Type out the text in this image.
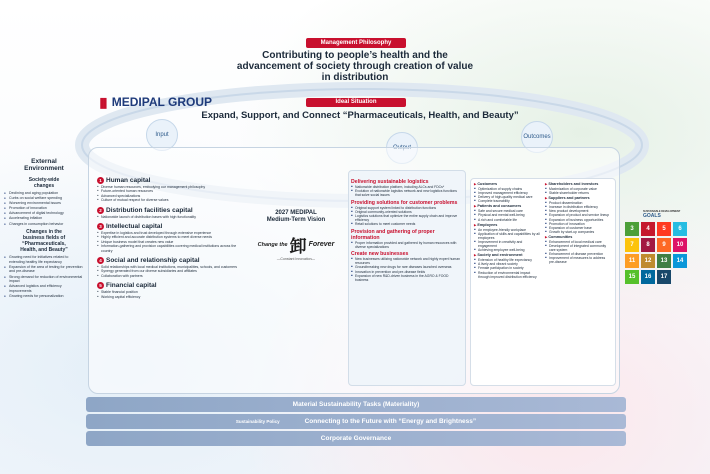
Management Philosophy
Contributing to people’s health and the
advancement of society through creation of value
in distribution
▐▌ MEDIPAL GROUP	Ideal Situation
Expand, Support, and Connect “Pharmaceuticals, Health, and Beauty”
Input	Outcomes
External
Environment
Society-wide
changes
● Declining and aging population
● Curbs on social welfare spending
● Worsening environmental issues
● Promotion of innovation
● Advancement of digital technology
● Accelerating inflation
● Changes in consumption behavior
Changes in the
business fields of
“Pharmaceuticals,
Health, and Beauty”
● Growing need for initiatives related to extending healthy life expectancy
● Expansion of the area of testing for prevention and pre-disease
● Strong demand for reduction of environmental impact
● Advanced logistics and efficiency improvements
● Growing needs for personalization
1 Human capital
● Diverse human resources, embodying our management philosophy
● Future-oriented human resources
● Advanced specializations
● Culture of mutual respect for diverse values
2 Distribution facilities capital
● Nationwide launch of distribution bases with high functionality
3 Intellectual capital
● Expertise in logistics and trust developed through extensive experience
● Highly efficient and accurate distribution systems to meet diverse needs
● Unique business model that creates new value
● Information-gathering and provision capabilities covering medical institutions across the country
4 Social and relationship capital
● Solid relationships with local medical institutions, municipalities, schools, and customers
● Synergy generated from our diverse subsidiaries and affiliates
● Collaboration with partners
5 Financial capital
● Stable financial position
● Working capital efficiency
2027 MEDIPAL
Medium-Term Vision
Change the 卸 Forever
—Constant Innovation—
Delivering sustainable logistics
■ Nationwide distribution platform, including ALCs and FDCs*
■ Evolution of nationwide logistics network and new logistics functions that solve social issues
Providing solutions for customer problems
■ Original support system linked to distribution functions
■ Original community-oriented solutions
■ Logistics solutions that optimize the entire supply chain and improve efficiency
■ Retail solutions to meet customer needs
Provision and gathering of proper information
■ Proper information provided and gathered by human resources with diverse specializations
Create new businesses
■ New businesses utilizing nationwide network and highly expert human resources
■ Groundbreaking new drugs for rare diseases launched overseas
■ Innovation in prevention and pre-disease fields
■ Expansion of new R&D-driven business in the AGRO & FOOD business
▶ Customers
■ Optimization of supply chains
■ Improved management efficiency
■ Delivery of high-quality medical care
■ Complete traceability
▶ Patients and consumers
■ Safe and secure medical care
■ Physical and mental well-being
■ A rich and comfortable life
▶ Employees
■ An employee-friendly workplace
■ Application of skills and capabilities by all employees
■ Improvement in creativity and engagement
■ Achieving employee well-being
▶ Society and environment
■ Extension of healthy life expectancy
■ A lively and vibrant society
■ Female participation in society
■ Reduction of environmental impact through improved distribution efficiency
▶ Shareholders and investors
■ Maximization of corporate value
■ Stable shareholder returns
▶ Suppliers and partners
■ Product dissemination
■ Increase in distribution efficiency
■ New product development
■ Expansion of product and service lineup
■ Expansion of business opportunities
■ Promotion of innovation
■ Expansion of customer base
■ Growth by start-up companies
▶ Communities
■ Enhancement of local medical care
■ Development of integrated community care system
■ Enhancement of disease prevention
■ Improvement of measures to address pre-disease
SUSTAINABLE DEVELOPMENT
GOALS
3	4	5	6
7	8	9	10
11	12	13	14
15	16	17
Material Sustainability Tasks (Materiality)
Sustainability Policy	Connecting to the Future with “Energy and Brightness”
Corporate Governance
